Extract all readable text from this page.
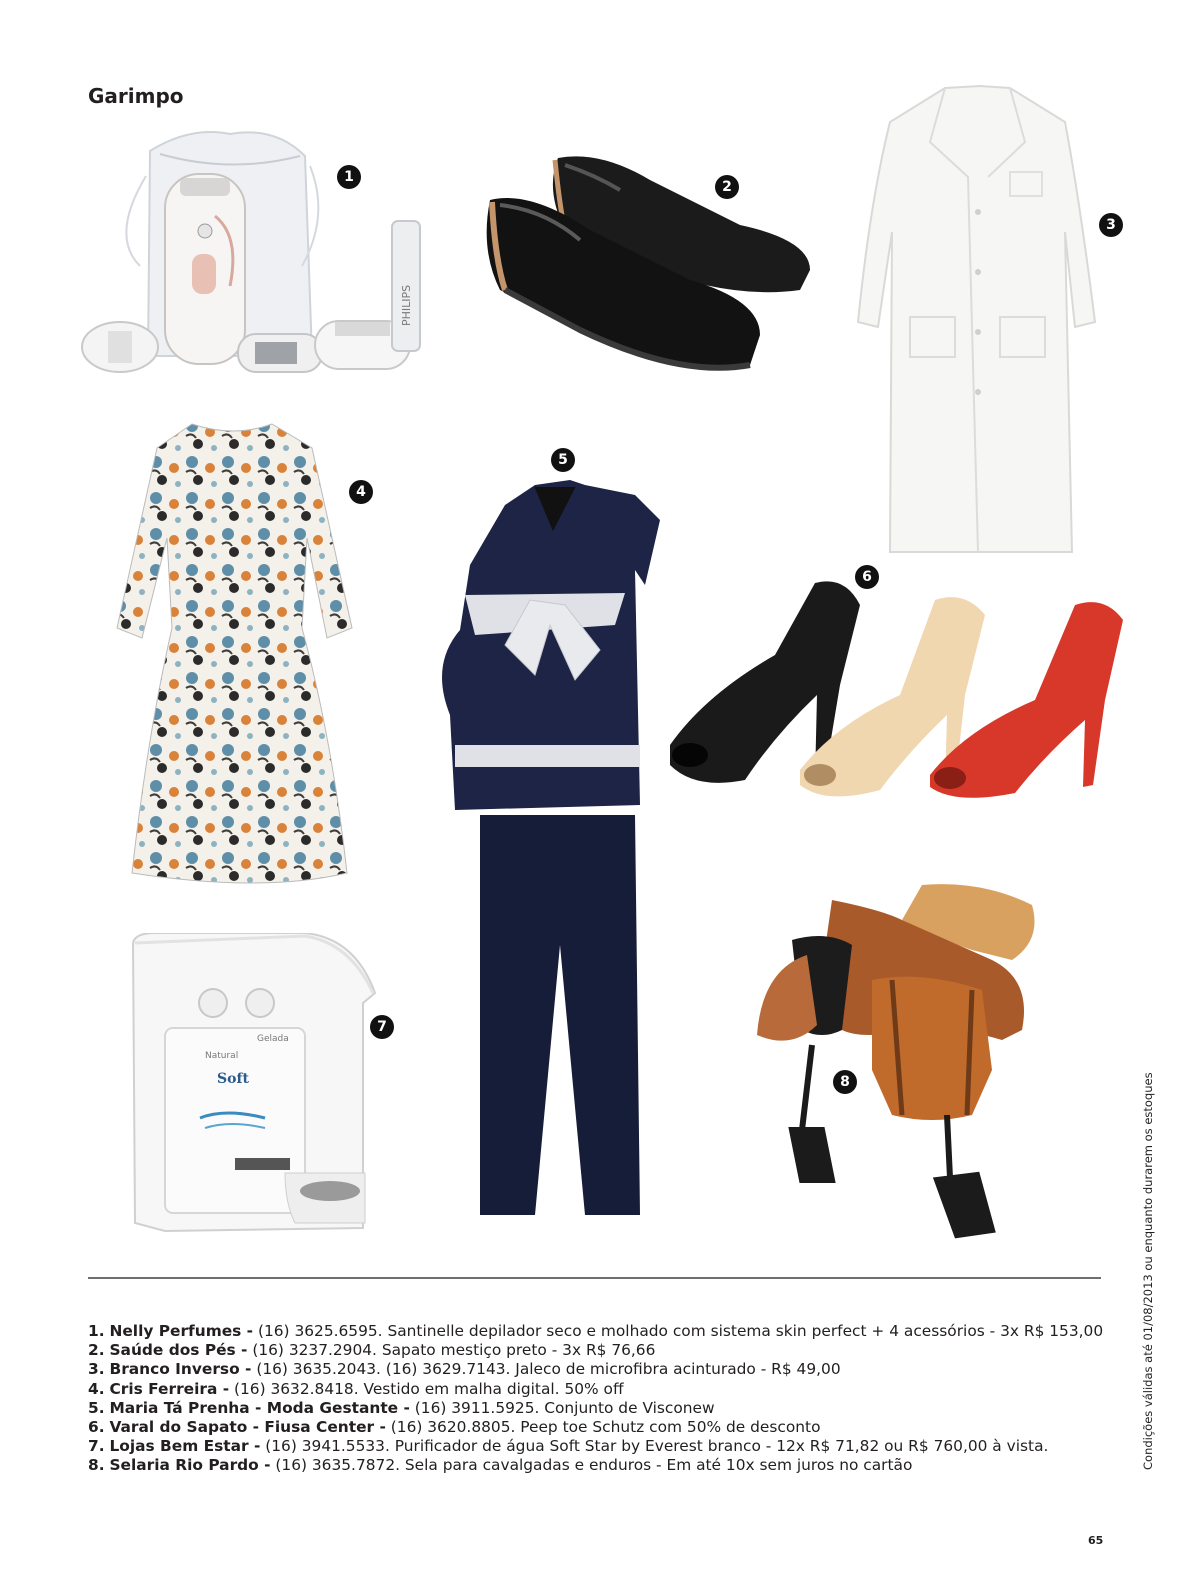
Garimpo
PHILIPS
1
2
3
4
5
6
Natural
Gelada
Soft
7
8
1. Nelly Perfumes - (16) 3625.6595. Santinelle depilador seco e molhado com sistema skin perfect + 4 acessórios - 3x R$ 153,00
2. Saúde dos Pés - (16) 3237.2904. Sapato mestiço preto - 3x R$ 76,66
3. Branco Inverso - (16) 3635.2043. (16) 3629.7143. Jaleco de microfibra acinturado - R$ 49,00
4. Cris Ferreira - (16) 3632.8418. Vestido em malha digital. 50% off
5. Maria Tá Prenha - Moda Gestante - (16) 3911.5925. Conjunto de Visconew
6. Varal do Sapato - Fiusa Center - (16) 3620.8805. Peep toe Schutz com 50% de desconto
7. Lojas Bem Estar - (16) 3941.5533. Purificador de água Soft Star by Everest branco - 12x R$ 71,82 ou R$ 760,00 à vista.
8. Selaria Rio Pardo - (16) 3635.7872. Sela para cavalgadas e enduros - Em até 10x sem juros no cartão	Condições válidas até 01/08/2013 ou enquanto durarem os estoques
65
